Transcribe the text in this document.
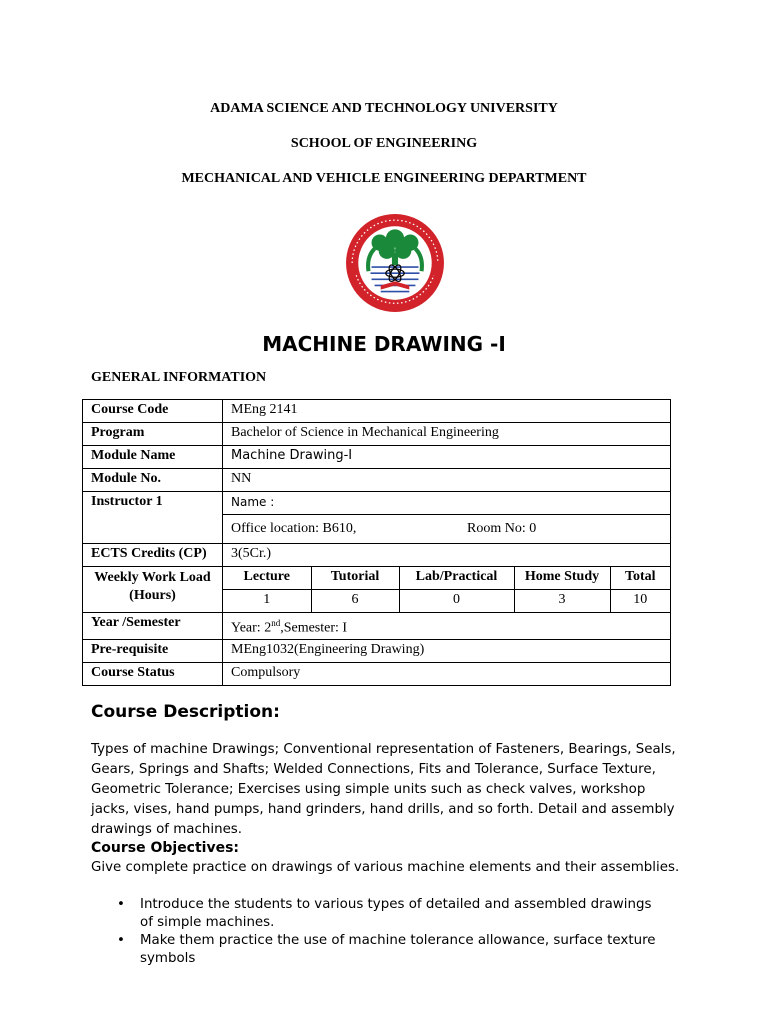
ADAMA SCIENCE AND TECHNOLOGY UNIVERSITY
SCHOOL OF ENGINEERING
MECHANICAL AND VEHICLE ENGINEERING DEPARTMENT
MACHINE DRAWING -I
GENERAL INFORMATION
Course Code	MEng 2141
Program	Bachelor of Science in Mechanical Engineering
Module Name	Machine Drawing-I
Module No.	NN
Instructor 1	Name :
Office location: B610,	Room No: 0
ECTS Credits (CP)	3(5Cr.)
Weekly Work Load (Hours)	
Lecture	Tutorial	Lab/Practical	Home Study	Total
1	6	0	3	10

Year /Semester	Year: 2nd,Semester: I
Pre-requisite	MEng1032(Engineering Drawing)
Course Status	Compulsory
Course Description:

Types of machine Drawings; Conventional representation of Fasteners, Bearings, Seals, Gears, Springs and Shafts; Welded Connections, Fits and Tolerance, Surface Texture, Geometric Tolerance; Exercises using simple units such as check valves, workshop jacks, vises, hand pumps, hand grinders, hand drills, and so forth. Detail and assembly drawings of machines.

Course Objectives:

Give complete practice on drawings of various machine elements and their assemblies.

• Introduce the students to various types of detailed and assembled drawings of simple machines.
• Make them practice the use of machine tolerance allowance, surface texture symbols
